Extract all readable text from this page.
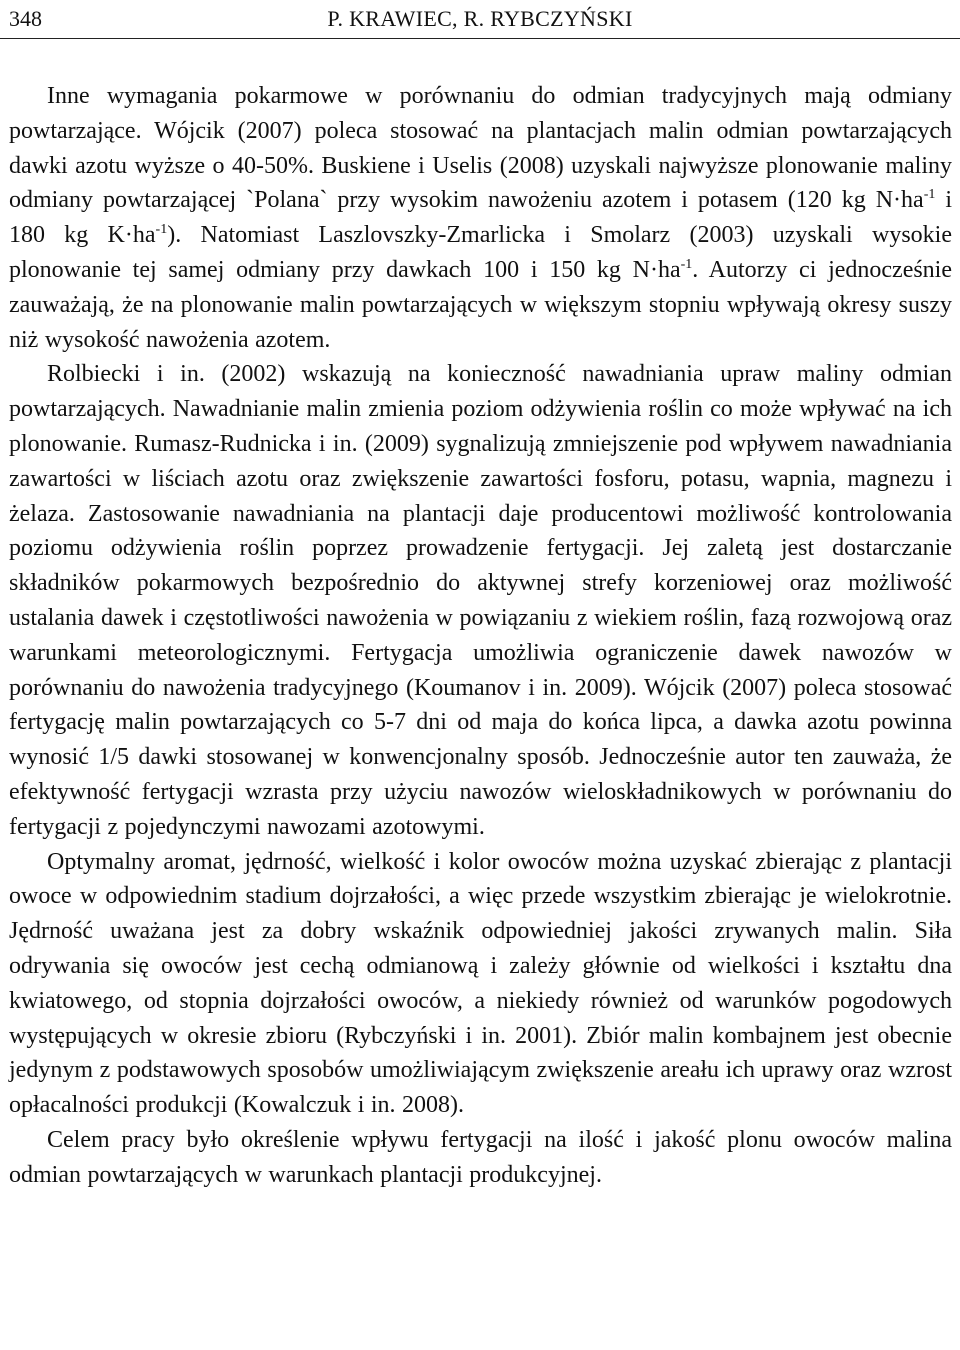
348	P. KRAWIEC, R. RYBCZYŃSKI

Inne wymagania pokarmowe w porównaniu do odmian tradycyjnych mają odmiany powtarzające. Wójcik (2007) poleca stosować na plantacjach malin odmian powtarzających dawki azotu wyższe o 40-50%. Buskiene i Uselis (2008) uzyskali najwyższe plonowanie maliny odmiany powtarzającej `Polana` przy wysokim nawożeniu azotem i potasem (120 kg $N\cdot ha^{-1}$ i 180 kg $K\cdot ha^{-1}$). Natomiast Laszlovszky-Zmarlicka i Smolarz (2003) uzyskali wysokie plonowanie tej samej odmiany przy dawkach 100 i 150 kg $N\cdot ha^{-1}$. Autorzy ci jednocześnie zauważają, że na plonowanie malin powtarzających w większym stopniu wpływają okresy suszy niż wysokość nawożenia azotem.

Rolbiecki i in. (2002) wskazują na konieczność nawadniania upraw maliny odmian powtarzających. Nawadnianie malin zmienia poziom odżywienia roślin co może wpływać na ich plonowanie. Rumasz-Rudnicka i in. (2009) sygnalizują zmniejszenie pod wpływem nawadniania zawartości w liściach azotu oraz zwiększenie zawartości fosforu, potasu, wapnia, magnezu i żelaza. Zastosowanie nawadniania na plantacji daje producentowi możliwość kontrolowania poziomu odżywienia roślin poprzez prowadzenie fertygacji. Jej zaletą jest dostarczanie składników pokarmowych bezpośrednio do aktywnej strefy korzeniowej oraz możliwość ustalania dawek i częstotliwości nawożenia w powiązaniu z wiekiem roślin, fazą rozwojową oraz warunkami meteorologicznymi. Fertygacja umożliwia ograniczenie dawek nawozów w porównaniu do nawożenia tradycyjnego (Koumanov i in. 2009). Wójcik (2007) poleca stosować fertygację malin powtarzających co 5-7 dni od maja do końca lipca, a dawka azotu powinna wynosić 1/5 dawki stosowanej w konwencjonalny sposób. Jednocześnie autor ten zauważa, że efektywność fertygacji wzrasta przy użyciu nawozów wieloskładnikowych w porównaniu do fertygacji z pojedynczymi nawozami azotowymi.

Optymalny aromat, jędrność, wielkość i kolor owoców można uzyskać zbierając z plantacji owoce w odpowiednim stadium dojrzałości, a więc przede wszystkim zbierając je wielokrotnie. Jędrność uważana jest za dobry wskaźnik odpowiedniej jakości zrywanych malin. Siła odrywania się owoców jest cechą odmianową i zależy głównie od wielkości i kształtu dna kwiatowego, od stopnia dojrzałości owoców, a niekiedy również od warunków pogodowych występujących w okresie zbioru (Rybczyński i in. 2001). Zbiór malin kombajnem jest obecnie jedynym z podstawowych sposobów umożliwiającym zwiększenie areału ich uprawy oraz wzrost opłacalności produkcji (Kowalczuk i in. 2008).

Celem pracy było określenie wpływu fertygacji na ilość i jakość plonu owoców malina odmian powtarzających w warunkach plantacji produkcyjnej.
